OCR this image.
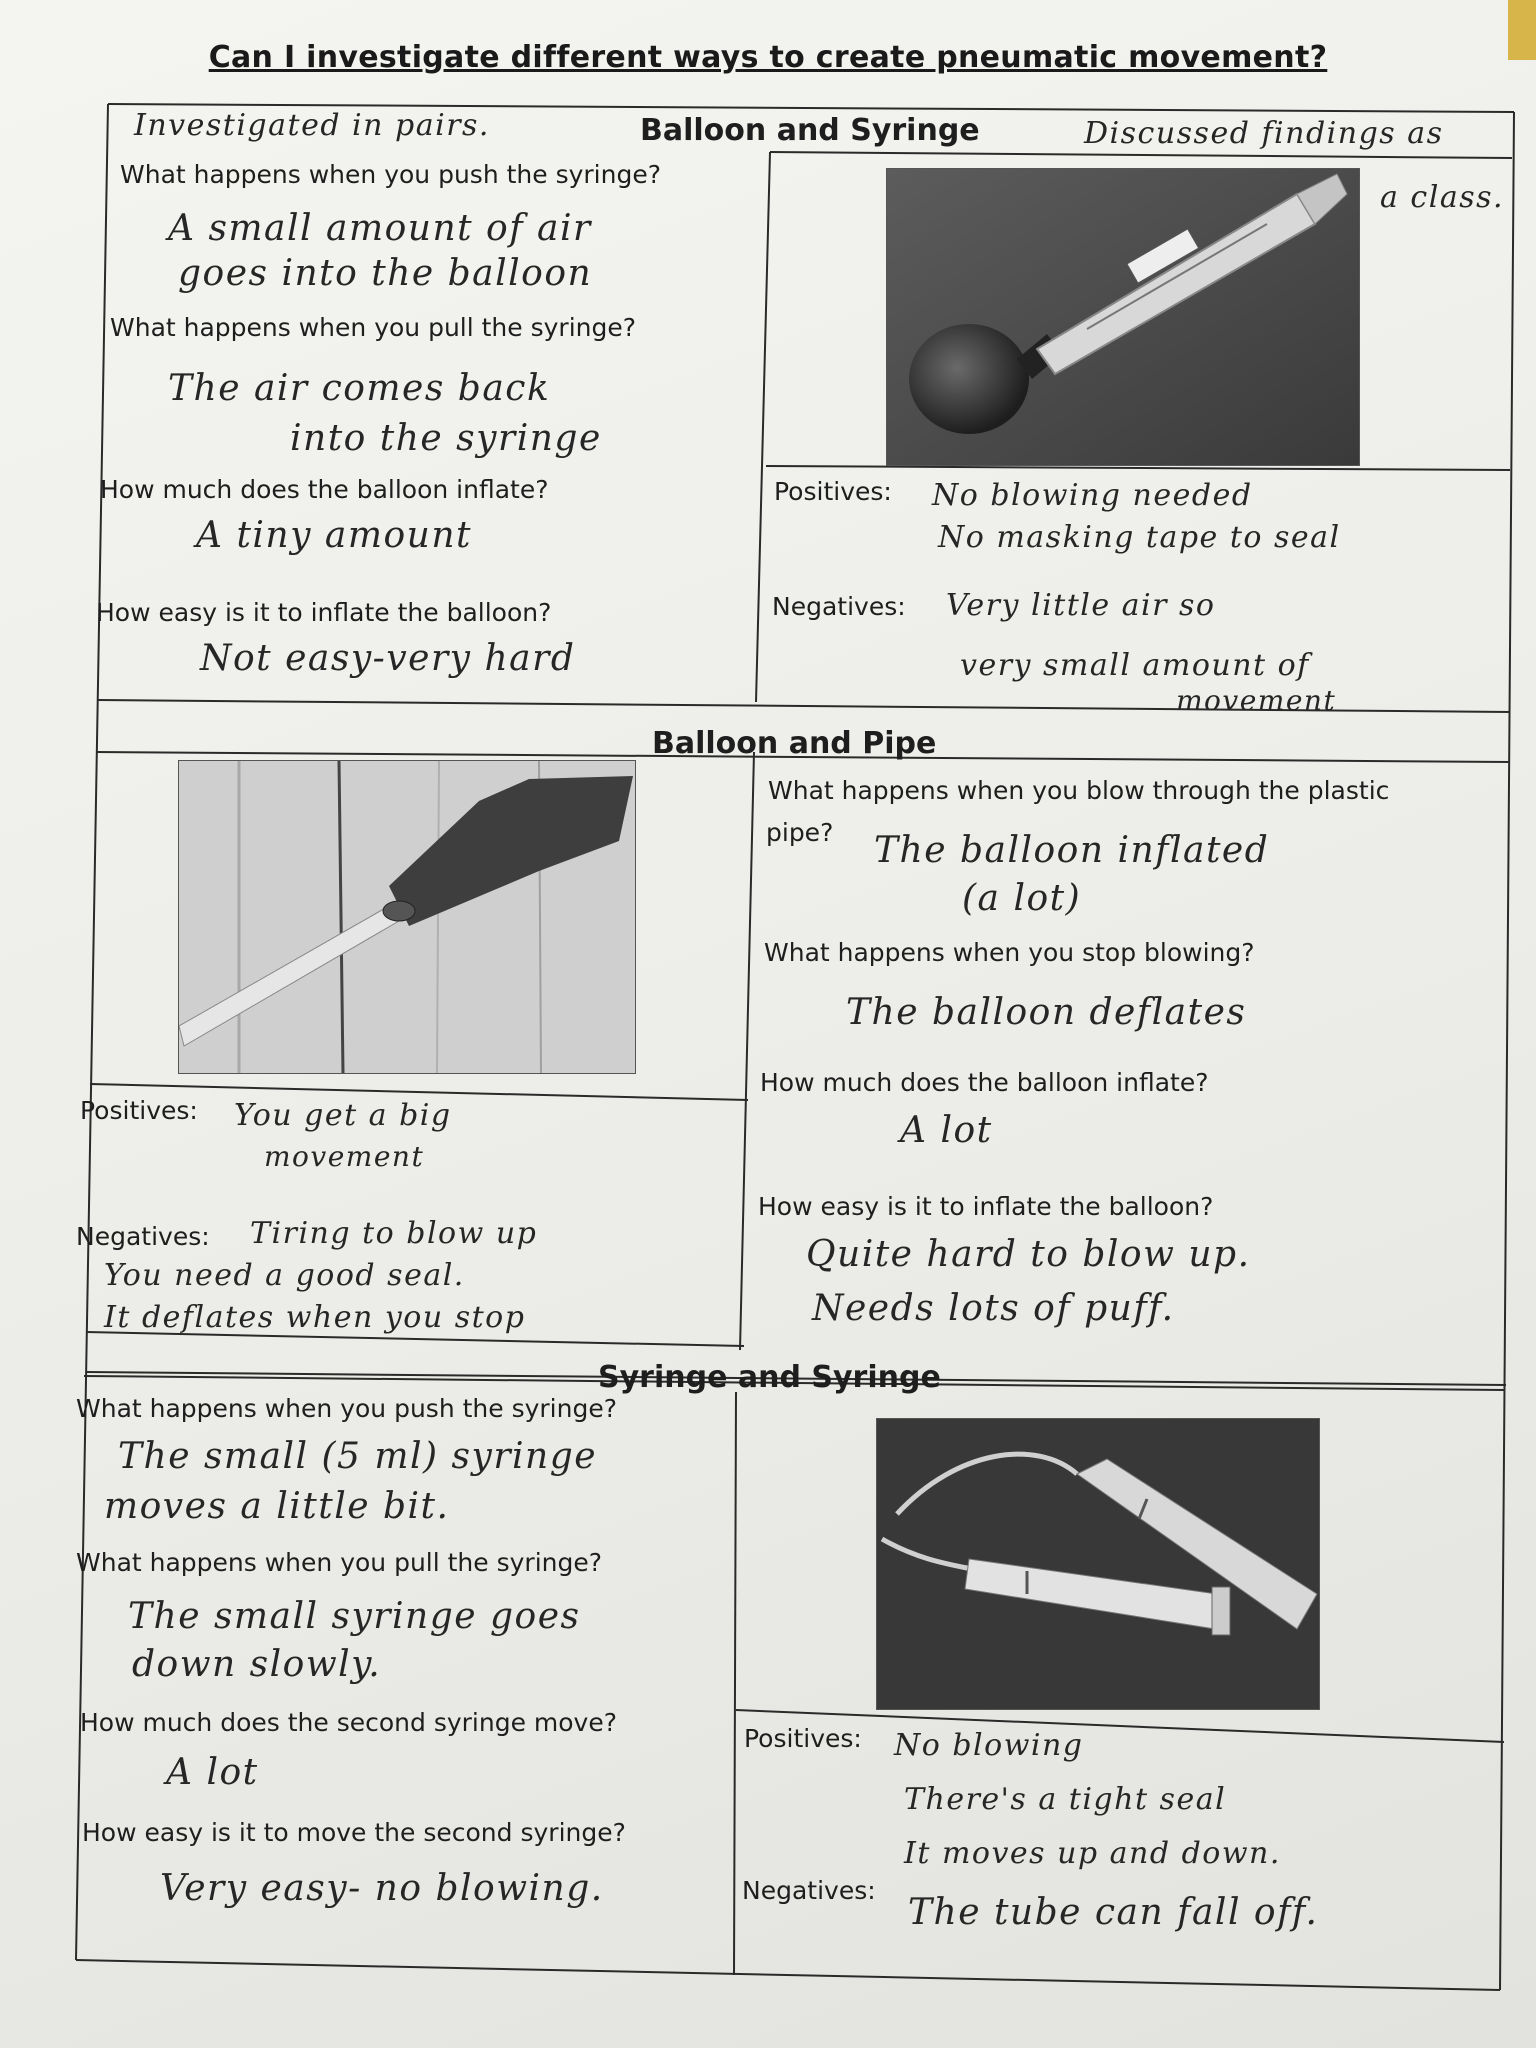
Can I investigate different ways to create pneumatic movement?
Investigated in pairs.	Balloon and Syringe	Discussed findings as
a class.
What happens when you push the syringe?
A small amount of air
goes into the balloon
What happens when you pull the syringe?
The air comes back
into the syringe
How much does the balloon inflate?
A tiny amount
How easy is it to inflate the balloon?
Not easy-very hard
Positives: No blowing needed
No masking tape to seal
Negatives: Very little air so
very small amount of
movement
Balloon and Pipe
What happens when you blow through the plastic
pipe? The balloon inflated
(a lot)
What happens when you stop blowing?
The balloon deflates
How much does the balloon inflate?
A lot
How easy is it to inflate the balloon?
Quite hard to blow up.
Needs lots of puff.
Positives: You get a big
movement
Negatives: Tiring to blow up
You need a good seal.
It deflates when you stop
Syringe and Syringe
What happens when you push the syringe?
The small (5 ml) syringe
moves a little bit.
What happens when you pull the syringe?
The small syringe goes
down slowly.
How much does the second syringe move?
A lot
How easy is it to move the second syringe?
Very easy- no blowing.
Positives: No blowing
There's a tight seal
It moves up and down.
Negatives:
The tube can fall off.
